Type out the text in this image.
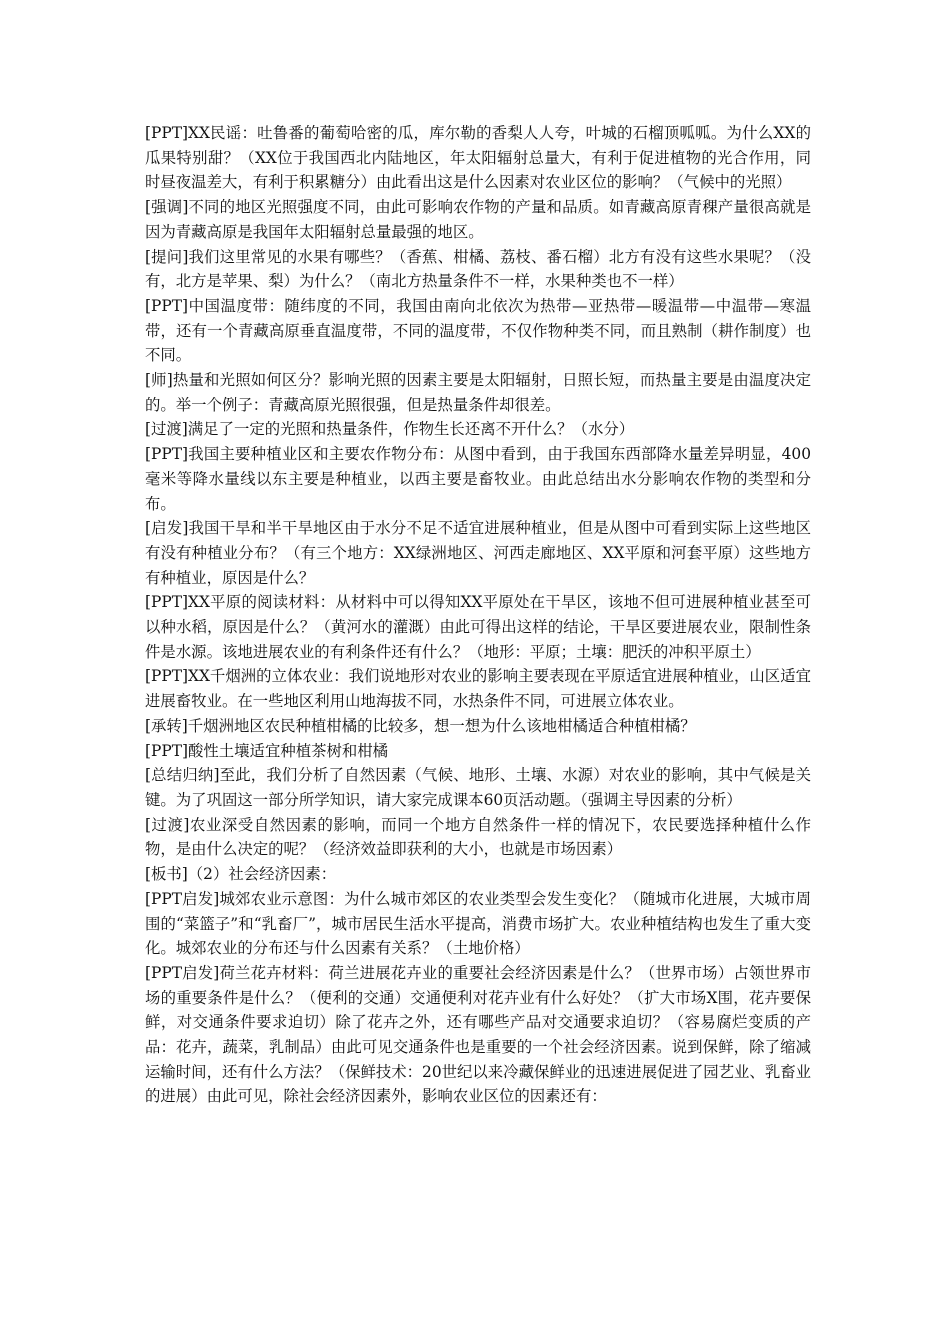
[PPT]XX民谣：吐鲁番的葡萄哈密的瓜，库尔勒的香梨人人夸，叶城的石榴顶呱呱。为什么XX的瓜果特别甜？（XX位于我国西北内陆地区，年太阳辐射总量大，有利于促进植物的光合作用，同时昼夜温差大，有利于积累糖分）由此看出这是什么因素对农业区位的影响？（气候中的光照）

[强调]不同的地区光照强度不同，由此可影响农作物的产量和品质。如青藏高原青稞产量很高就是因为青藏高原是我国年太阳辐射总量最强的地区。

[提问]我们这里常见的水果有哪些？（香蕉、柑橘、荔枝、番石榴）北方有没有这些水果呢？（没有，北方是苹果、梨）为什么？（南北方热量条件不一样，水果种类也不一样）

[PPT]中国温度带：随纬度的不同，我国由南向北依次为热带—亚热带—暖温带—中温带—寒温带，还有一个青藏高原垂直温度带，不同的温度带，不仅作物种类不同，而且熟制（耕作制度）也不同。

[师]热量和光照如何区分？影响光照的因素主要是太阳辐射，日照长短，而热量主要是由温度决定的。举一个例子：青藏高原光照很强，但是热量条件却很差。

[过渡]满足了一定的光照和热量条件，作物生长还离不开什么？（水分）

[PPT]我国主要种植业区和主要农作物分布：从图中看到，由于我国东西部降水量差异明显，400毫米等降水量线以东主要是种植业，以西主要是畜牧业。由此总结出水分影响农作物的类型和分布。

[启发]我国干旱和半干旱地区由于水分不足不适宜进展种植业，但是从图中可看到实际上这些地区有没有种植业分布？（有三个地方：XX绿洲地区、河西走廊地区、XX平原和河套平原）这些地方有种植业，原因是什么？

[PPT]XX平原的阅读材料：从材料中可以得知XX平原处在干旱区，该地不但可进展种植业甚至可以种水稻，原因是什么？（黄河水的灌溉）由此可得出这样的结论，干旱区要进展农业，限制性条件是水源。该地进展农业的有利条件还有什么？（地形：平原；土壤：肥沃的冲积平原土）

[PPT]XX千烟洲的立体农业：我们说地形对农业的影响主要表现在平原适宜进展种植业，山区适宜进展畜牧业。在一些地区利用山地海拔不同，水热条件不同，可进展立体农业。

[承转]千烟洲地区农民种植柑橘的比较多，想一想为什么该地柑橘适合种植柑橘？

[PPT]酸性土壤适宜种植茶树和柑橘

[总结归纳]至此，我们分析了自然因素（气候、地形、土壤、水源）对农业的影响，其中气候是关键。为了巩固这一部分所学知识，请大家完成课本60页活动题。（强调主导因素的分析）

[过渡]农业深受自然因素的影响，而同一个地方自然条件一样的情况下，农民要选择种植什么作物，是由什么决定的呢？（经济效益即获利的大小，也就是市场因素）

[板书]（2）社会经济因素：

[PPT启发]城郊农业示意图：为什么城市郊区的农业类型会发生变化？（随城市化进展，大城市周围的“菜篮子”和“乳畜厂”，城市居民生活水平提高，消费市场扩大。农业种植结构也发生了重大变化。城郊农业的分布还与什么因素有关系？（土地价格）

[PPT启发]荷兰花卉材料：荷兰进展花卉业的重要社会经济因素是什么？（世界市场）占领世界市场的重要条件是什么？（便利的交通）交通便利对花卉业有什么好处？（扩大市场X围，花卉要保鲜，对交通条件要求迫切）除了花卉之外，还有哪些产品对交通要求迫切？（容易腐烂变质的产品：花卉，蔬菜，乳制品）由此可见交通条件也是重要的一个社会经济因素。说到保鲜，除了缩减运输时间，还有什么方法？（保鲜技术：20世纪以来冷藏保鲜业的迅速进展促进了园艺业、乳畜业的进展）由此可见，除社会经济因素外，影响农业区位的因素还有：
